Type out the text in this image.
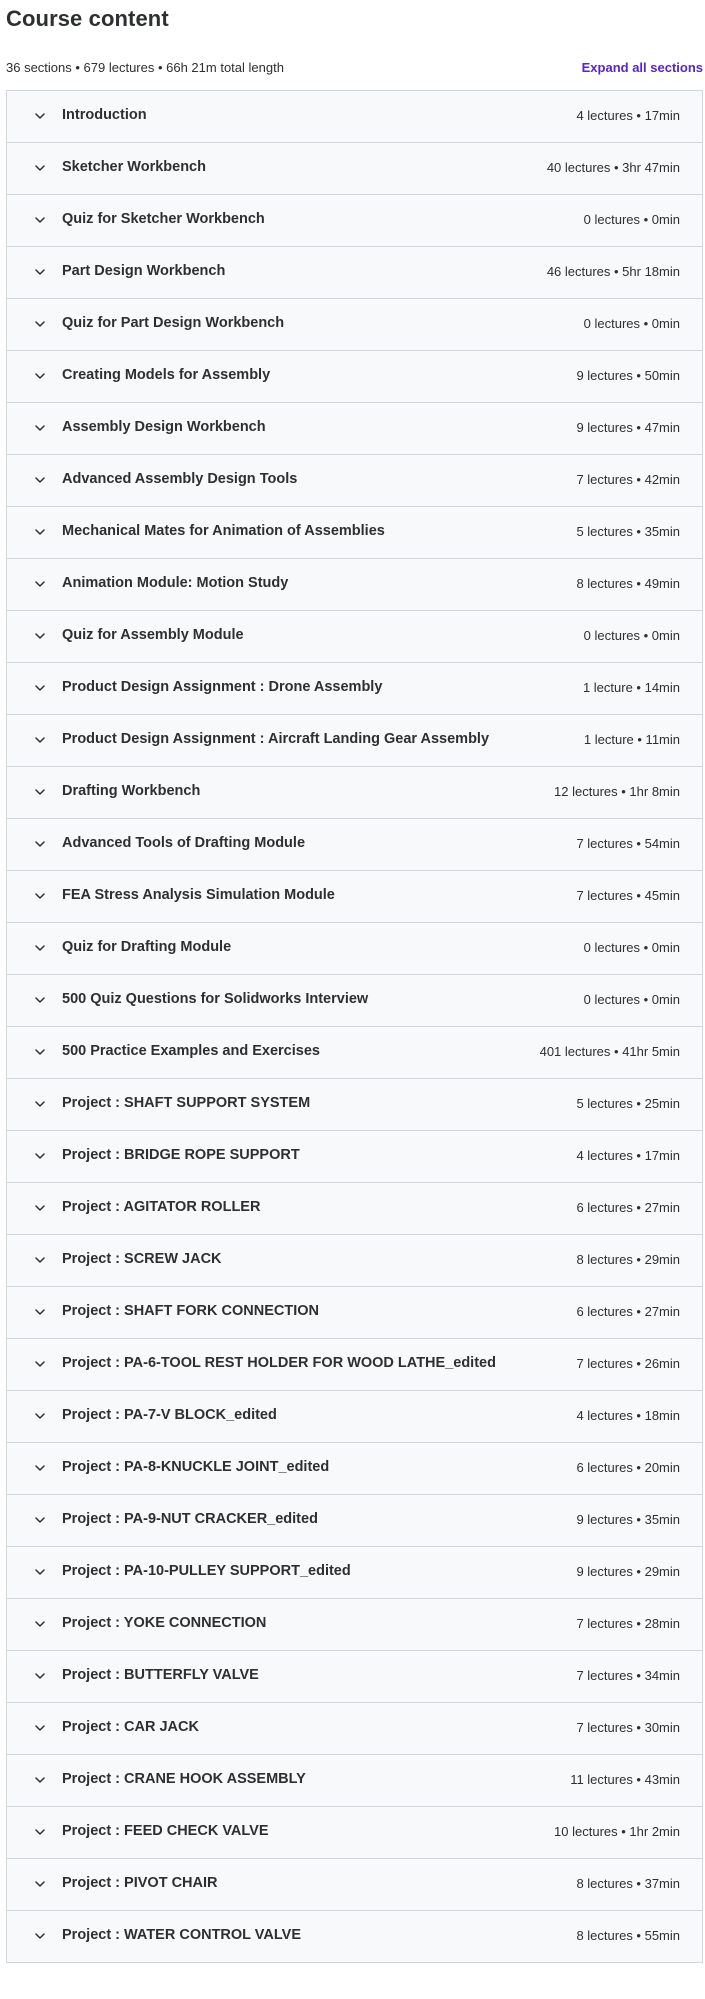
Course content
36 sections • 679 lectures • 66h 21m total length	Expand all sections
Introduction	4 lectures • 17min
Sketcher Workbench	40 lectures • 3hr 47min
Quiz for Sketcher Workbench	0 lectures • 0min
Part Design Workbench	46 lectures • 5hr 18min
Quiz for Part Design Workbench	0 lectures • 0min
Creating Models for Assembly	9 lectures • 50min
Assembly Design Workbench	9 lectures • 47min
Advanced Assembly Design Tools	7 lectures • 42min
Mechanical Mates for Animation of Assemblies	5 lectures • 35min
Animation Module: Motion Study	8 lectures • 49min
Quiz for Assembly Module	0 lectures • 0min
Product Design Assignment : Drone Assembly	1 lecture • 14min
Product Design Assignment : Aircraft Landing Gear Assembly	1 lecture • 11min
Drafting Workbench	12 lectures • 1hr 8min
Advanced Tools of Drafting Module	7 lectures • 54min
FEA Stress Analysis Simulation Module	7 lectures • 45min
Quiz for Drafting Module	0 lectures • 0min
500 Quiz Questions for Solidworks Interview	0 lectures • 0min
500 Practice Examples and Exercises	401 lectures • 41hr 5min
Project : SHAFT SUPPORT SYSTEM	5 lectures • 25min
Project : BRIDGE ROPE SUPPORT	4 lectures • 17min
Project : AGITATOR ROLLER	6 lectures • 27min
Project : SCREW JACK	8 lectures • 29min
Project : SHAFT FORK CONNECTION	6 lectures • 27min
Project : PA-6-TOOL REST HOLDER FOR WOOD LATHE_edited	7 lectures • 26min
Project : PA-7-V BLOCK_edited	4 lectures • 18min
Project : PA-8-KNUCKLE JOINT_edited	6 lectures • 20min
Project : PA-9-NUT CRACKER_edited	9 lectures • 35min
Project : PA-10-PULLEY SUPPORT_edited	9 lectures • 29min
Project : YOKE CONNECTION	7 lectures • 28min
Project : BUTTERFLY VALVE	7 lectures • 34min
Project : CAR JACK	7 lectures • 30min
Project : CRANE HOOK ASSEMBLY	11 lectures • 43min
Project : FEED CHECK VALVE	10 lectures • 1hr 2min
Project : PIVOT CHAIR	8 lectures • 37min
Project : WATER CONTROL VALVE	8 lectures • 55min
